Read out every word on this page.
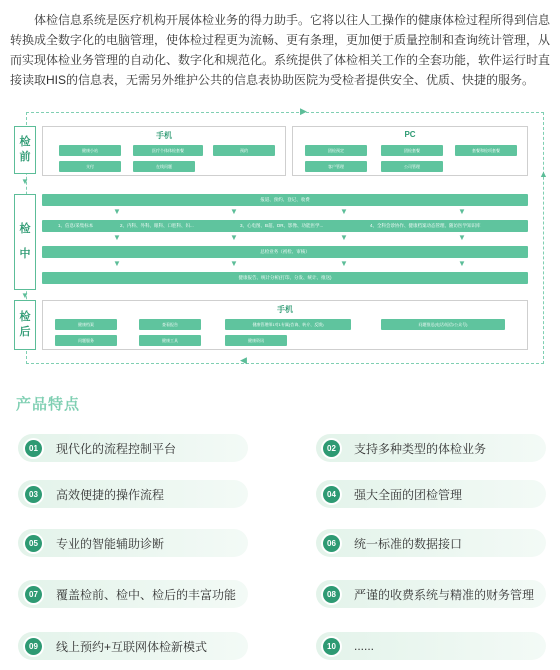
体检信息系统是医疗机构开展体检业务的得力助手。它将以往人工操作的健康体检过程所得到信息转换成全数字化的电脑管理，使体检过程更为流畅、更有条理，更加便于质量控制和查询统计管理，从而实现体检业务管理的自动化、数字化和规范化。系统提供了体检相关工作的全套功能，软件运行时直接读取HIS的信息表，无需另外维护公共的信息表协助医院为受检者提供安全、优质、快捷的服务。

▲
▶
◀
检
前
▼
手机
健康小站	医疗个体体检套餐	预约
支付	在线问题
PC
团检预定	团检套餐	套餐和检项套餐
客户管理	公司管理
检
中
▼
报道、预约、登记、收费
▼	▼	▼	▼
1、信息/采集标本	2、内科、外科、眼科、口腔科、妇...	3、心电图、B超、DR、影像、功能医学...	4、全科会诊协作、健康档案动态管理、随访医学知识库
▼	▼	▼	▼
总检业务（初检、审核）
▼	▼	▼	▼
健康报告、统计分析(打印、分发、统计、推送)
检
后
手机
健康档案	查看报告	健康管理师1对1专属(咨询、转介、反馈)	问题推送(电话/短信/公众号)
问题服务	健康工具	健康资讯
产品特点
01	现代化的流程控制平台	02	支持多种类型的体检业务
03	高效便捷的操作流程	04	强大全面的团检管理
05	专业的智能辅助诊断	06	统一标准的数据接口
07	覆盖检前、检中、检后的丰富功能	08	严谨的收费系统与精准的财务管理
09	线上预约+互联网体检新模式	10	......
